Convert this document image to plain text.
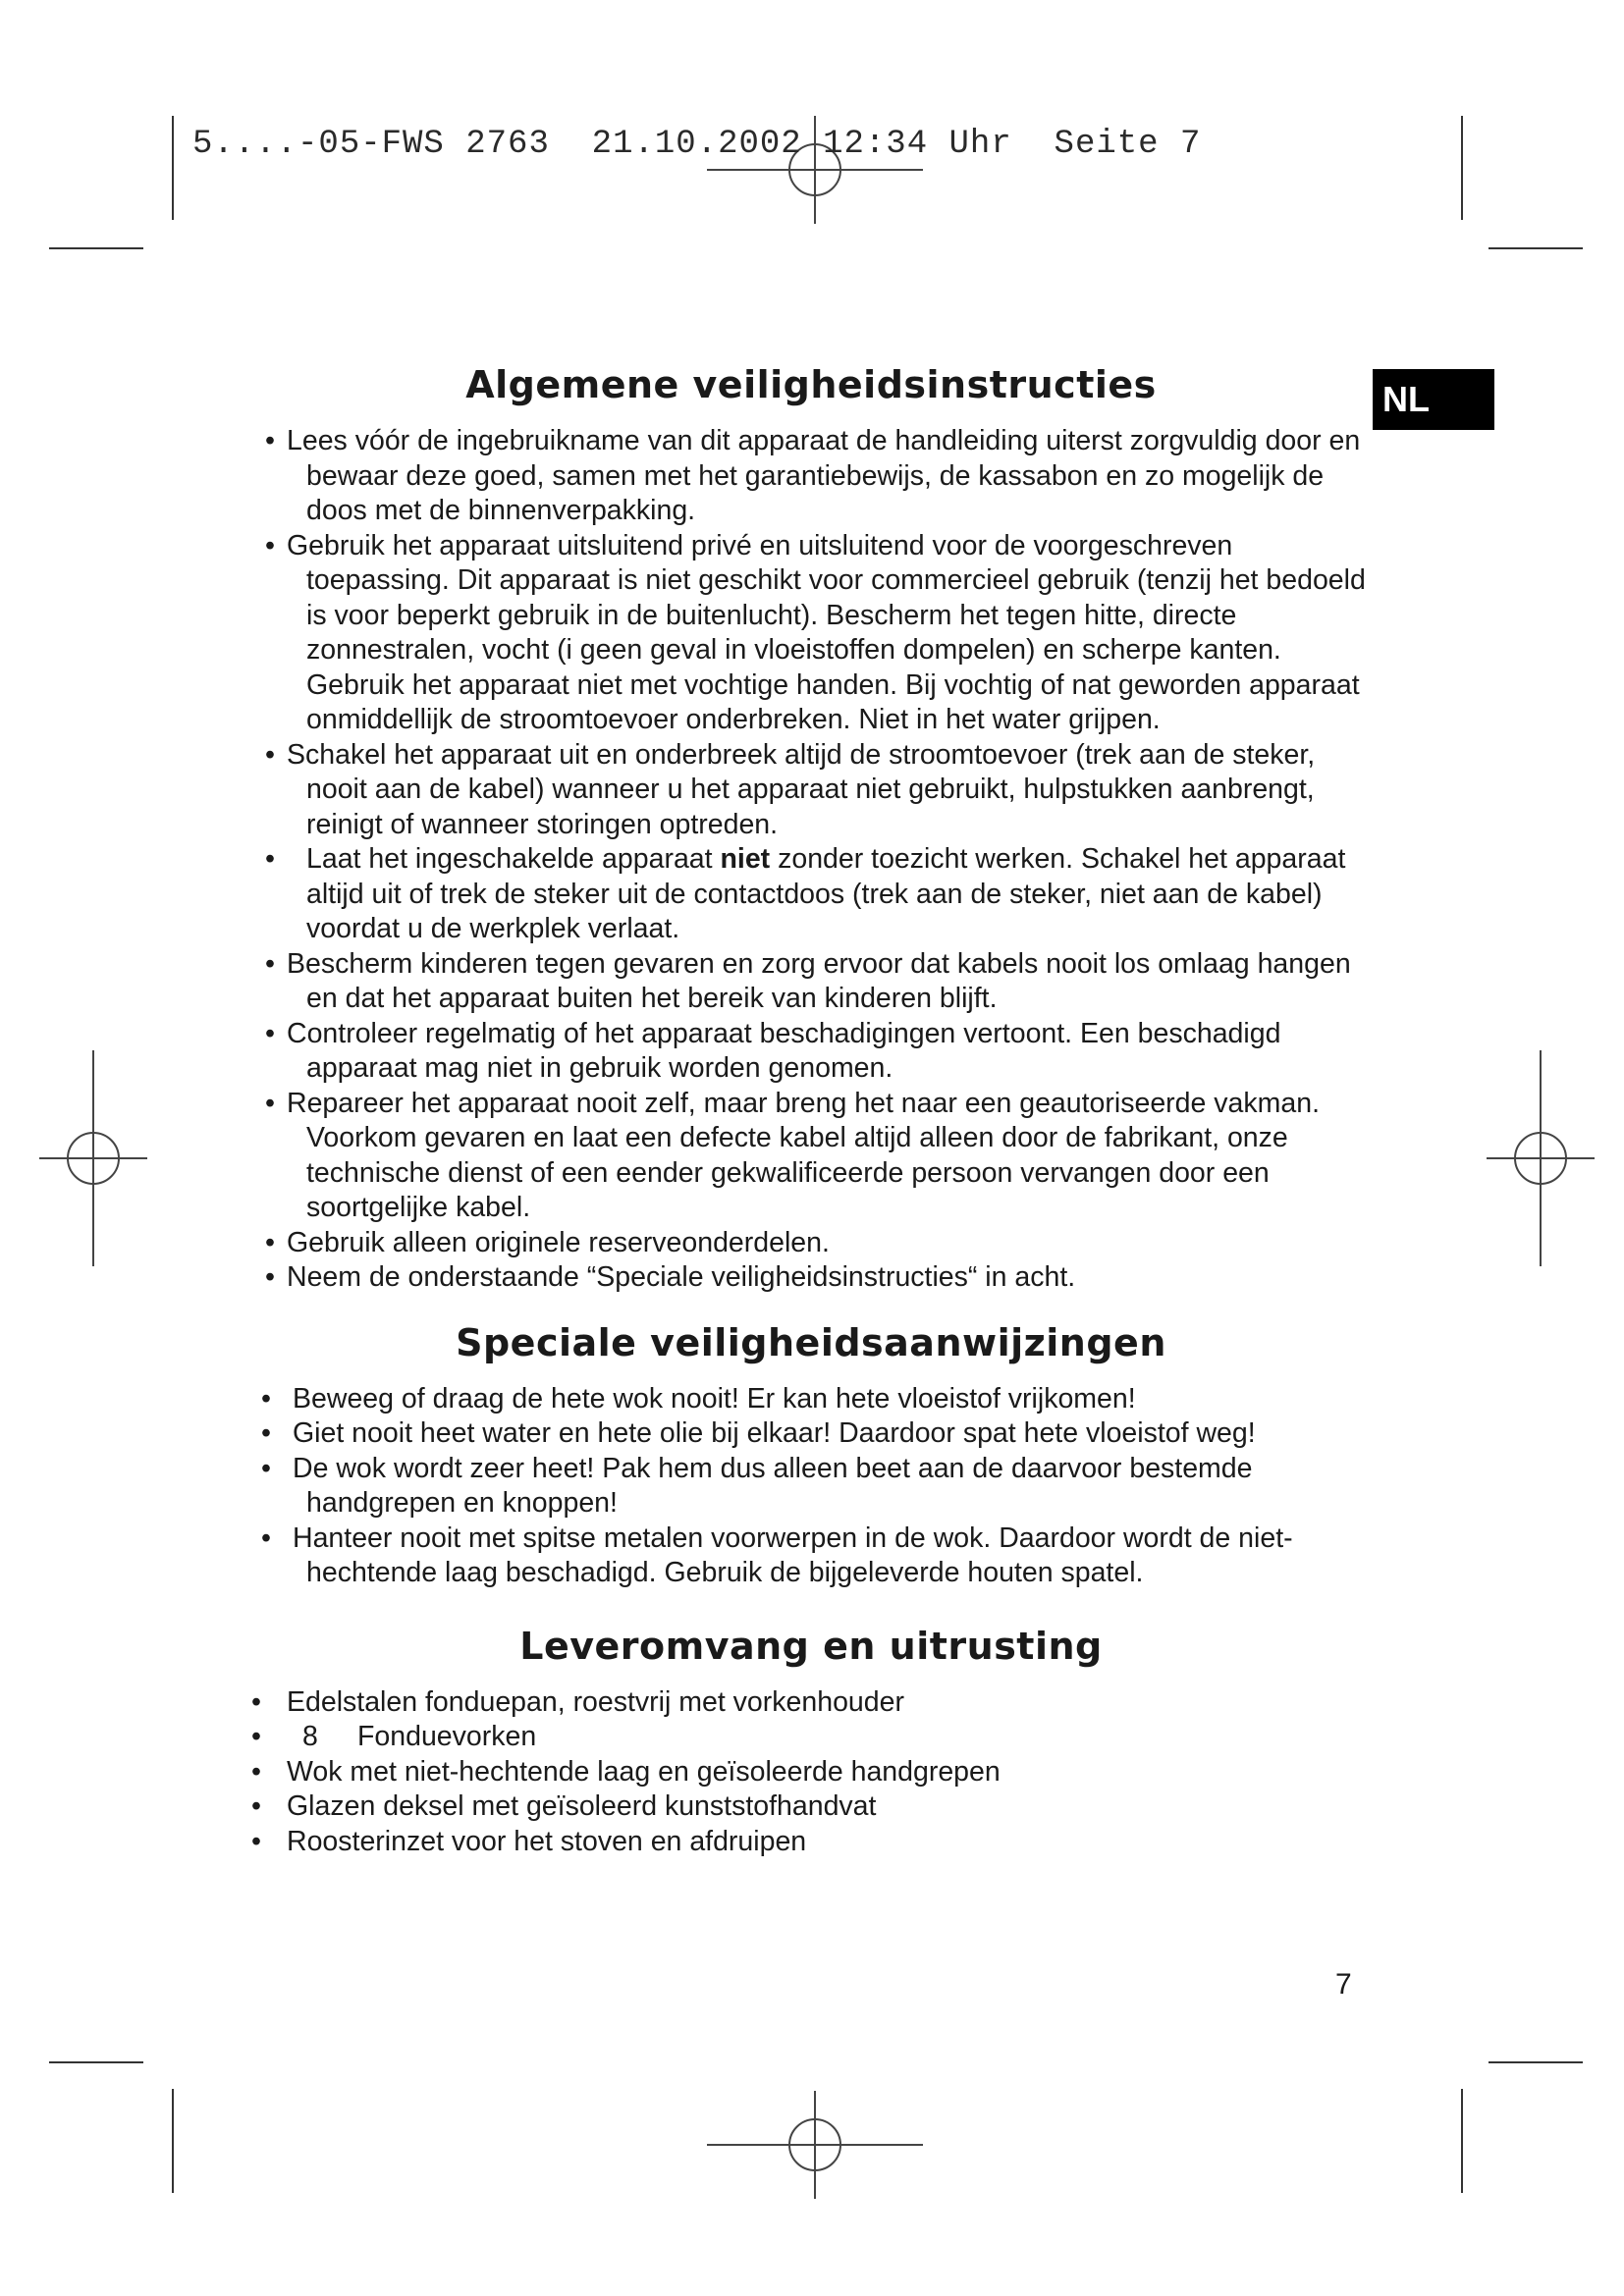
5....-05-FWS 2763  21.10.2002 12:34 Uhr  Seite 7
NL
Algemene veiligheidsinstructies
• Lees vóór de ingebruikname van dit apparaat de handleiding uiterst zorgvuldig door en bewaar deze goed, samen met het garantiebewijs, de kassabon en zo mogelijk de doos met de binnenverpakking.
• Gebruik het apparaat uitsluitend privé en uitsluitend voor de voorgeschreven toepassing. Dit apparaat is niet geschikt voor commercieel gebruik (tenzij het bedoeld is voor beperkt gebruik in de buitenlucht). Bescherm het tegen hitte, directe zonnestralen, vocht (i geen geval in vloeistoffen dompelen) en scherpe kanten. Gebruik het apparaat niet met vochtige handen. Bij vochtig of nat geworden apparaat onmiddellijk de stroomtoevoer onderbreken. Niet in het water grijpen.
• Schakel het apparaat uit en onderbreek altijd de stroomtoevoer (trek aan de steker, nooit aan de kabel) wanneer u het apparaat niet gebruikt, hulpstukken aanbrengt, reinigt of wanneer storingen optreden.
• Laat het ingeschakelde apparaat niet zonder toezicht werken. Schakel het apparaat altijd uit of trek de steker uit de contactdoos (trek aan de steker, niet aan de kabel) voordat u de werkplek verlaat.
• Bescherm kinderen tegen gevaren en zorg ervoor dat kabels nooit los omlaag hangen en dat het apparaat buiten het bereik van kinderen blijft.
• Controleer regelmatig of het apparaat beschadigingen vertoont. Een beschadigd apparaat mag niet in gebruik worden genomen.
• Repareer het apparaat nooit zelf, maar breng het naar een geautoriseerde vakman. Voorkom gevaren en laat een defecte kabel altijd alleen door de fabrikant, onze technische dienst of een eender gekwalificeerde persoon vervangen door een soortgelijke kabel.
• Gebruik alleen originele reserveonderdelen.
• Neem de onderstaande “Speciale veiligheidsinstructies“ in acht.
Speciale veiligheidsaanwijzingen
• Beweeg of draag de hete wok nooit! Er kan hete vloeistof vrijkomen!
• Giet nooit heet water en hete olie bij elkaar! Daardoor spat hete vloeistof weg!
• De wok wordt zeer heet! Pak hem dus alleen beet aan de daarvoor bestemde handgrepen en knoppen!
• Hanteer nooit met spitse metalen voorwerpen in de wok. Daardoor wordt de niet-hechtende laag beschadigd. Gebruik de bijgeleverde houten spatel.
Leveromvang en uitrusting
• Edelstalen fonduepan, roestvrij met vorkenhouder
• 8 Fonduevorken
• Wok met niet-hechtende laag en geïsoleerde handgrepen
• Glazen deksel met geïsoleerd kunststofhandvat
• Roosterinzet voor het stoven en afdruipen
7
